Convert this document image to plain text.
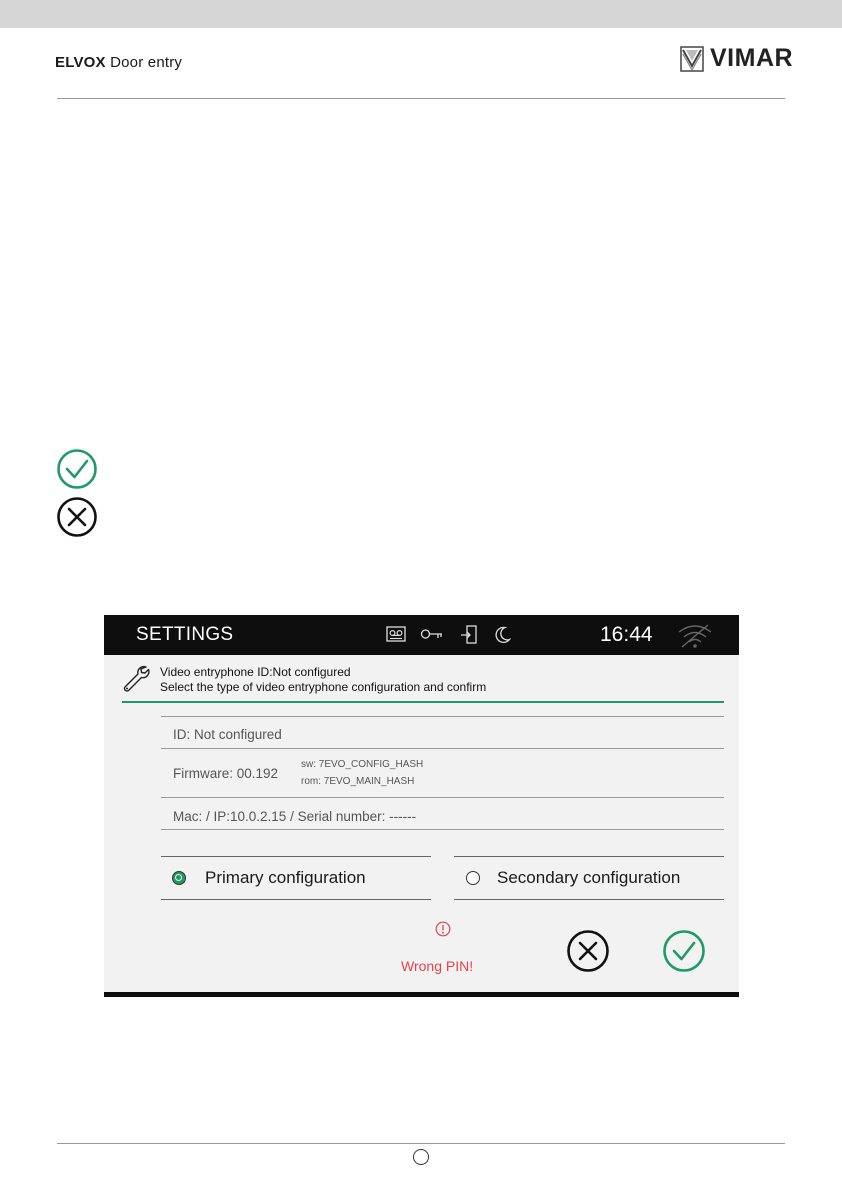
ELVOX Door entry	VIMAR
SETTINGS	16:44
Video entryphone ID:Not configured
Select the type of video entryphone configuration and confirm
ID: Not configured
Firmware: 00.192
sw: 7EVO_CONFIG_HASH
rom: 7EVO_MAIN_HASH
Mac: / IP:10.0.2.15 / Serial number: ------
Primary configuration	Secondary configuration
Wrong PIN!
